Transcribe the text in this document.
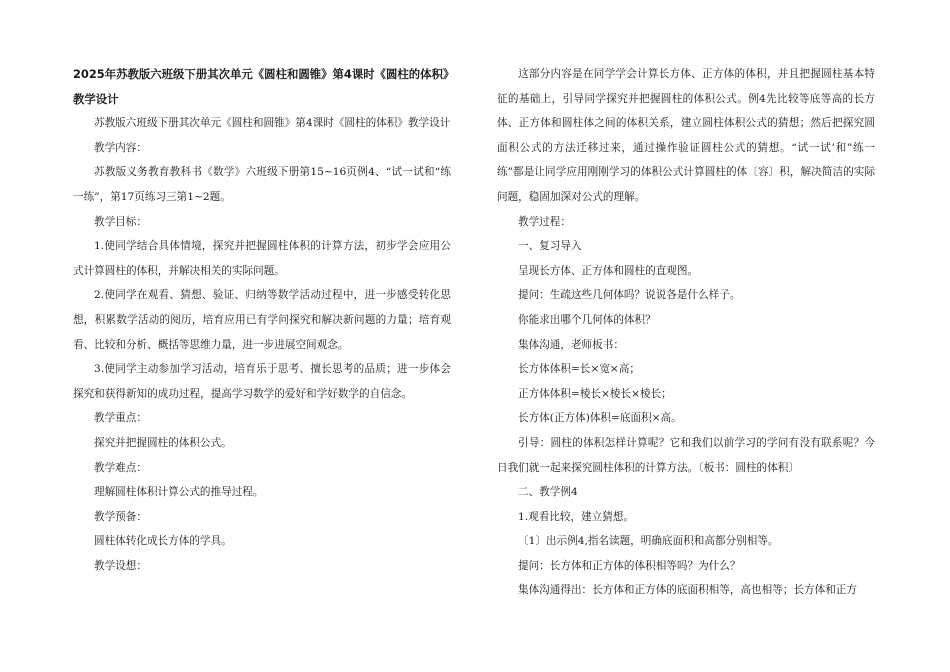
2025年苏教版六班级下册其次单元《圆柱和圆锥》第4课时《圆柱的体积》教学设计

苏教版六班级下册其次单元《圆柱和圆锥》第4课时《圆柱的体积》教学设计

教学内容：

苏教版义务教育教科书《数学》六班级下册第15~16页例4、“试一试和“练一练”，第17页练习三第1~2题。

教学目标：

1.使同学结合具体情境，探究并把握圆柱体积的计算方法，初步学会应用公式计算圆柱的体积，并解决相关的实际问题。

2.使同学在观看、猜想、验证、归纳等数学活动过程中，进一步感受转化思想，积累数学活动的阅历，培育应用已有学问探究和解决新问题的力量；培育观看、比较和分析、概括等思维力量，进一步进展空间观念。

3.使同学主动参加学习活动，培育乐于思考、擅长思考的品质；进一步体会探究和获得新知的成功过程，提高学习数学的爱好和学好数学的自信念。

教学重点：

探究并把握圆柱的体积公式。

教学难点：

理解圆柱体积计算公式的推导过程。

教学预备：

圆柱体转化成长方体的学具。

教学设想：

这部分内容是在同学学会计算长方体、正方体的体积，并且把握圆柱基本特征的基础上，引导同学探究并把握圆柱的体积公式。例4先比较等底等高的长方体、正方体和圆柱体之间的体积关系，建立圆柱体积公式的猜想；然后把探究圆面积公式的方法迁移过来，通过操作验证圆柱公式的猜想。“试一试’和”练一练”都是让同学应用刚刚学习的体积公式计算圆柱的体〔容〕积，解决简洁的实际问题，稳固加深对公式的理解。

教学过程：

一、复习导入

呈现长方体、正方体和圆柱的直观图。

提问：生疏这些几何体吗？说说各是什么样子。

你能求出哪个几何体的体积？

集体沟通，老师板书：

长方体体积=长×宽×高；

正方体体积=棱长×棱长×棱长；

长方体(正方体)体积=底面积×高。

引导：圆柱的体积怎样计算呢？它和我们以前学习的学问有没有联系呢？今日我们就一起来探究圆柱体积的计算方法。〔板书：圆柱的体积〕

二、教学例4

1.观看比较，建立猜想。

〔1〕出示例4,指名读题，明确底面积和高都分别相等。

提问：长方体和正方体的体积相等吗？为什么？

集体沟通得出：长方体和正方体的底面积相等，高也相等；长方体和正方
